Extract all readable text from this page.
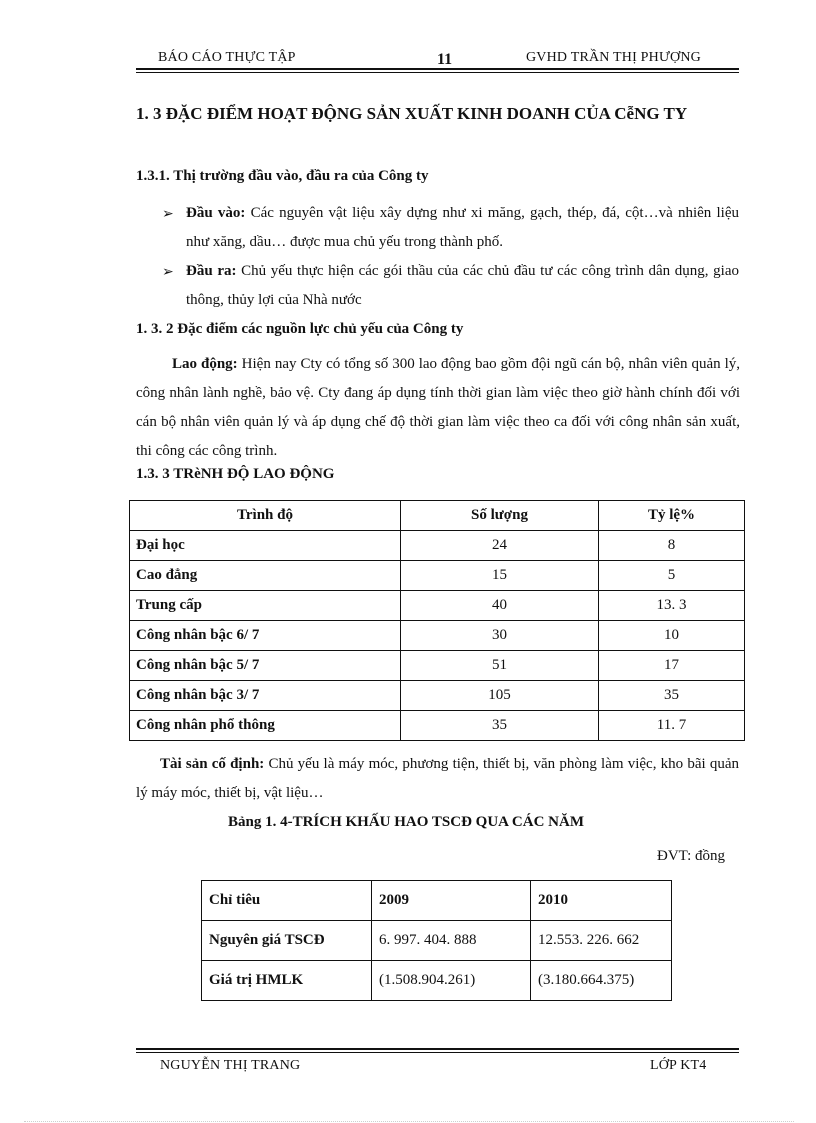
BÁO CÁO THỰC TẬP	11	GVHD TRẦN THỊ PHƯỢNG
1. 3 ĐẶC ĐIỂM HOẠT ĐỘNG SẢN XUẤT KINH DOANH CỦA CễNG TY
1.3.1. Thị trường đầu vào, đầu ra của Công ty
➢ Đầu vào: Các nguyên vật liệu xây dựng như xi măng, gạch, thép, đá, cột…và nhiên liệu như xăng, dầu… được mua chủ yếu trong thành phố.
➢ Đầu ra: Chủ yếu thực hiện các gói thầu của các chủ đầu tư các công trình dân dụng, giao thông, thủy lợi của Nhà nước
1. 3. 2 Đặc điểm các nguồn lực chủ yếu của Công ty
Lao động: Hiện nay Cty có tổng số 300 lao động bao gồm đội ngũ cán bộ, nhân viên quản lý, công nhân lành nghề, bảo vệ. Cty đang áp dụng tính thời gian làm việc theo giờ hành chính đối với cán bộ nhân viên quản lý và áp dụng chế độ thời gian làm việc theo ca đối với công nhân sản xuất, thi công các công trình.
1.3. 3 TRèNH ĐỘ LAO ĐỘNG
Trình độ	Số lượng	Tỷ lệ%
Đại học	24	8
Cao đẳng	15	5
Trung cấp	40	13. 3
Công nhân bậc 6/ 7	30	10
Công nhân bậc 5/ 7	51	17
Công nhân bậc 3/ 7	105	35
Công nhân phổ thông	35	11. 7
Tài sản cố định: Chủ yếu là máy móc, phương tiện, thiết bị, văn phòng làm việc, kho bãi quản lý máy móc, thiết bị, vật liệu…
Bảng 1. 4-TRÍCH KHẤU HAO TSCĐ QUA CÁC NĂM
ĐVT: đồng
Chỉ tiêu	2009	2010
Nguyên giá TSCĐ	6. 997. 404. 888	12.553. 226. 662
Giá trị HMLK	(1.508.904.261)	(3.180.664.375)
NGUYỄN THỊ TRANG	LỚP KT4
